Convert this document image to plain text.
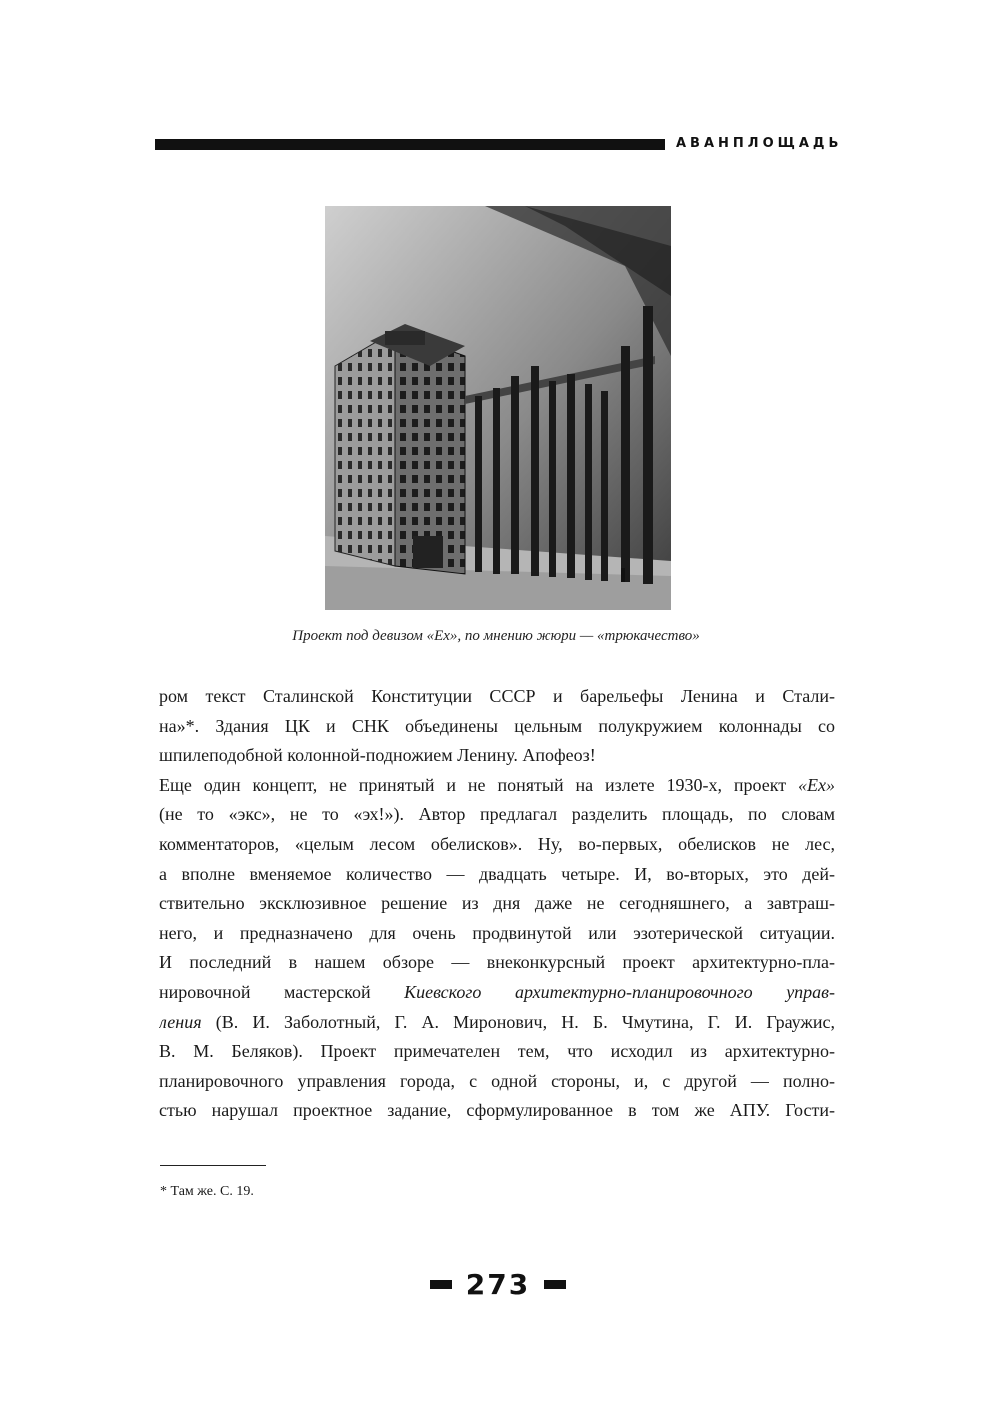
АВАНПЛОЩАДЬ
Проект под девизом «Ех», по мнению жюри — «трюкачество»
ром текст Сталинской Конституции СССР и барельефы Ленина и Стали-
на»*. Здания ЦК и СНК объединены цельным полукружием колоннады со
шпилеподобной колонной-подножием Ленину. Апофеоз!
Еще один концепт, не принятый и не понятый на излете 1930-х, проект «Ех»
(не то «экс», не то «эх!»). Автор предлагал разделить площадь, по словам
комментаторов, «целым лесом обелисков». Ну, во-первых, обелисков не лес,
а вполне вменяемое количество — двадцать четыре. И, во-вторых, это дей-
ствительно эксклюзивное решение из дня даже не сегодняшнего, а завтраш-
него, и предназначено для очень продвинутой или эзотерической ситуации.
И последний в нашем обзоре — внеконкурсный проект архитектурно-пла-
нировочной мастерской Киевского архитектурно-планировочного управ-
ления (В. И. Заболотный, Г. А. Миронович, Н. Б. Чмутина, Г. И. Граужис,
В. М. Беляков). Проект примечателен тем, что исходил из архитектурно-
планировочного управления города, с одной стороны, и, с другой — полно-
стью нарушал проектное задание, сформулированное в том же АПУ. Гости-
* Там же. С. 19.
273
